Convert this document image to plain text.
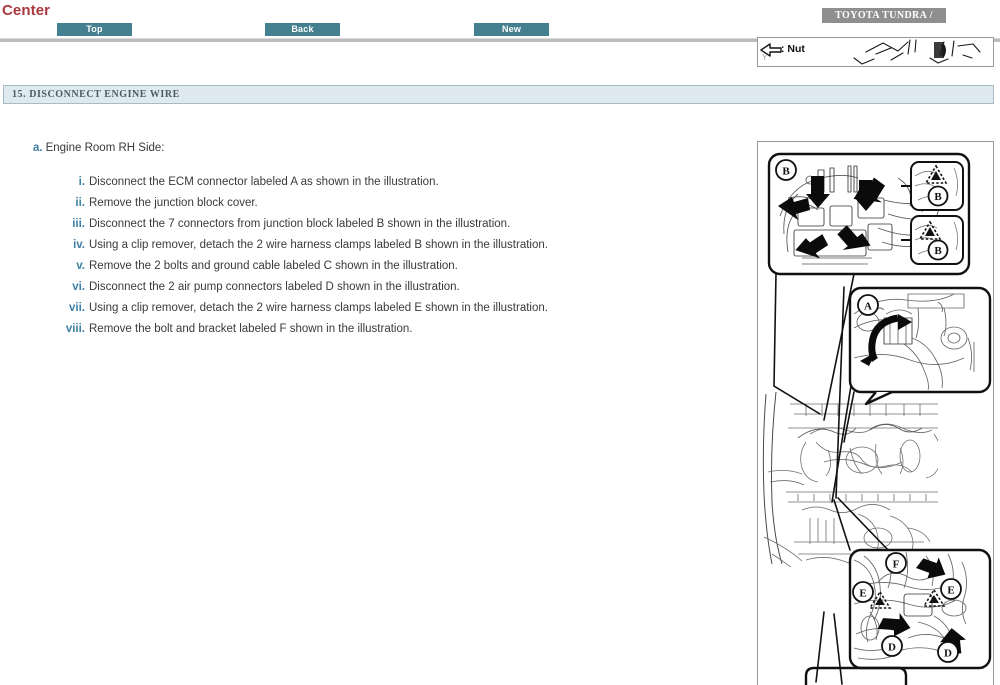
Center	TOYOTA TUNDRA /
Top	Back	New
15. DISCONNECT ENGINE WIRE
a. Engine Room RH Side:
i. Disconnect the ECM connector labeled A as shown in the illustration.
ii. Remove the junction block cover.
iii. Disconnect the 7 connectors from junction block labeled B shown in the illustration.
iv. Using a clip remover, detach the 2 wire harness clamps labeled B shown in the illustration.
v. Remove the 2 bolts and ground cable labeled C shown in the illustration.
vi. Disconnect the 2 air pump connectors labeled D shown in the illustration.
vii. Using a clip remover, detach the 2 wire harness clamps labeled E shown in the illustration.
viii. Remove the bolt and bracket labeled F shown in the illustration.
: Nut
Y
B
B
B
A
F
E	E
D	D
